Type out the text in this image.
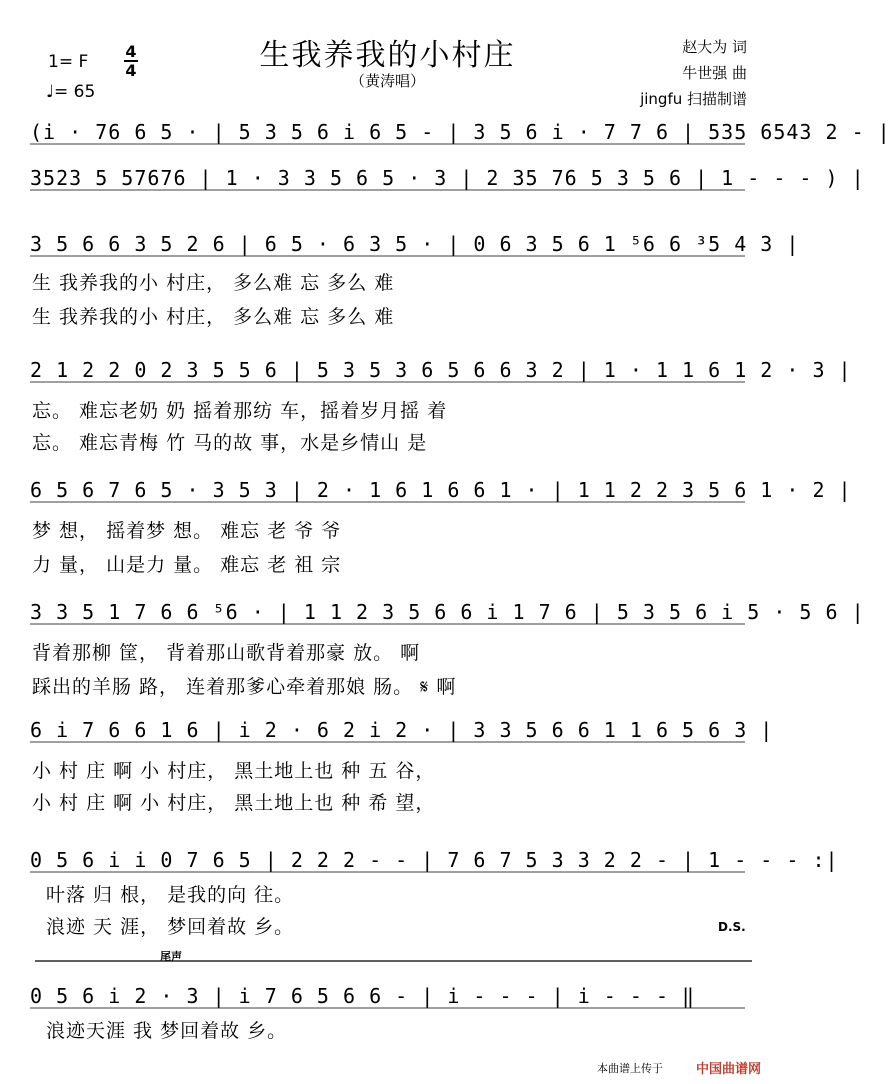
生我养我的小村庄
（黄涛唱）
1= F
4
4
♩= 65
赵大为 词
牛世强 曲
jingfu 扫描制谱
(i · 76 6 5 · | 5 3 5 6 i 6 5 - | 3 5 6 i · 7 7 6 | 535 6543 2 - |
3523 5 57676 | 1 · 3 3 5 6 5 · 3 | 2 35 76 5 3 5 6 | 1 - - - ) |
3 5 6 6 3 5 2 6 | 6 5 · 6 3 5 · | 0 6 3 5 6 1 ⁵6 6 ³5 4 3 |
生 我养我的小 村庄， 多么难 忘 多么 难
生 我养我的小 村庄， 多么难 忘 多么 难
2 1 2 2 0 2 3 5 5 6 | 5 3 5 3 6 5 6 6 3 2 | 1 · 1 1 6 1 2 · 3 |
忘。 难忘老奶 奶 摇着那纺 车，摇着岁月摇 着
忘。 难忘青梅 竹 马的故 事，水是乡情山 是
6 5 6 7 6 5 · 3 5 3 | 2 · 1 6 1 6 6 1 · | 1 1 2 2 3 5 6 1 · 2 |
梦 想， 摇着梦 想。 难忘 老 爷 爷
力 量， 山是力 量。 难忘 老 祖 宗
3 3 5 1 7 6 6 ⁵6 · | 1 1 2 3 5 6 6 i 1 7 6 | 5 3 5 6 i 5 · 5 6 |
背着那柳 筐， 背着那山歌背着那豪 放。 啊
踩出的羊肠 路， 连着那爹心牵着那娘 肠。 𝄋 啊
6 i 7 6 6 1 6 | i 2 · 6 2 i 2 · | 3 3 5 6 6 1 1 6 5 6 3 |
小 村 庄 啊 小 村庄， 黑土地上也 种 五 谷，
小 村 庄 啊 小 村庄， 黑土地上也 种 希 望，
0 5 6 i i 0 7 6 5 | 2 2 2 - - | 7 6 7 5 3 3 2 2 - | 1 - - - :|
叶落 归 根， 是我的向 往。
浪迹 天 涯， 梦回着故 乡。	D.S.
尾声
0 5 6 i 2 · 3 | i 7 6 5 6 6 - | i - - - | i - - - ‖
浪迹天涯 我 梦回着故 乡。
本曲谱上传于	中国曲谱网
